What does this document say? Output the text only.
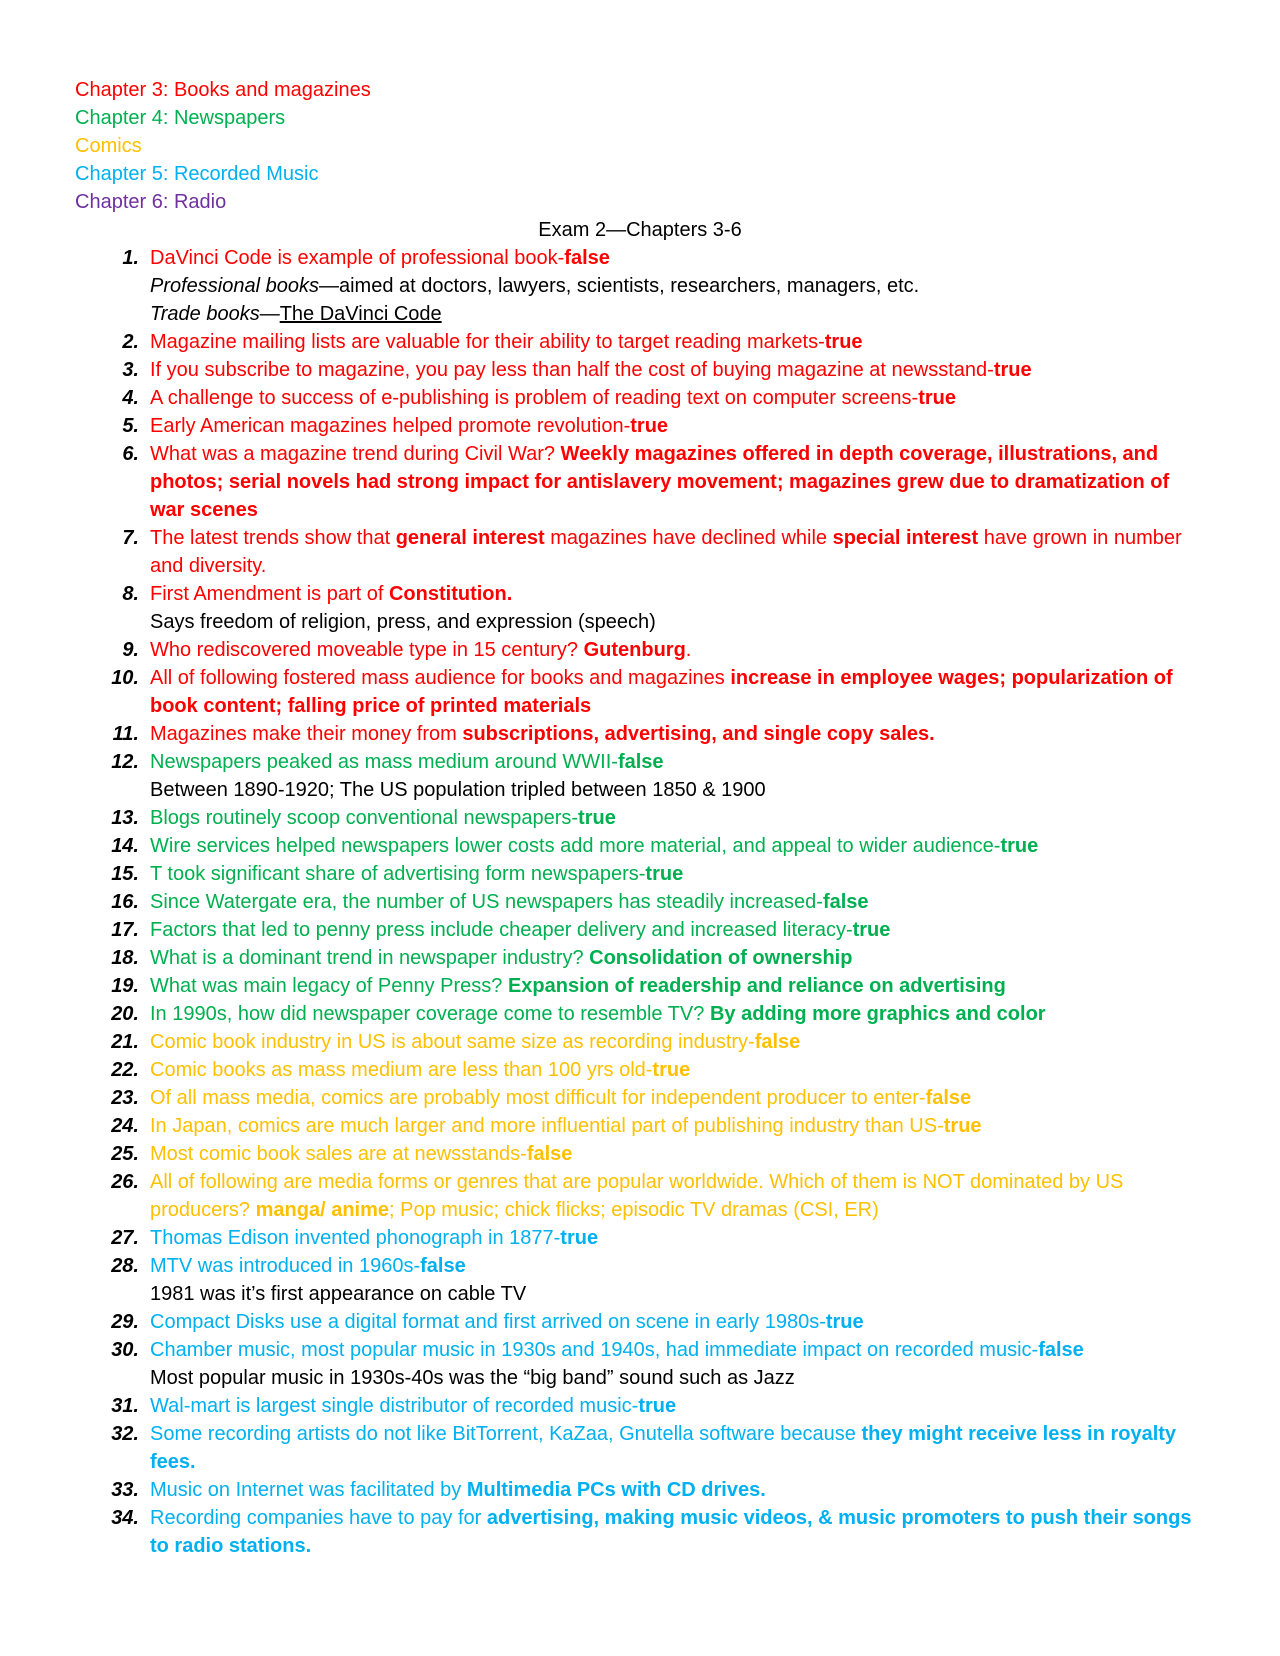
Chapter 3: Books and magazines
Chapter 4: Newspapers
Comics
Chapter 5: Recorded Music
Chapter 6: Radio
Exam 2—Chapters 3-6
1. DaVinci Code is example of professional book-false
Professional books—aimed at doctors, lawyers, scientists, researchers, managers, etc.
Trade books—The DaVinci Code
2. Magazine mailing lists are valuable for their ability to target reading markets-true
3. If you subscribe to magazine, you pay less than half the cost of buying magazine at newsstand-true
4. A challenge to success of e-publishing is problem of reading text on computer screens-true
5. Early American magazines helped promote revolution-true
6. What was a magazine trend during Civil War? Weekly magazines offered in depth coverage, illustrations, and photos; serial novels had strong impact for antislavery movement; magazines grew due to dramatization of war scenes
7. The latest trends show that general interest magazines have declined while special interest have grown in number and diversity.
8. First Amendment is part of Constitution.
Says freedom of religion, press, and expression (speech)
9. Who rediscovered moveable type in 15 century? Gutenburg.
10. All of following fostered mass audience for books and magazines increase in employee wages; popularization of book content; falling price of printed materials
11. Magazines make their money from subscriptions, advertising, and single copy sales.
12. Newspapers peaked as mass medium around WWII-false
Between 1890-1920; The US population tripled between 1850 & 1900
13. Blogs routinely scoop conventional newspapers-true
14. Wire services helped newspapers lower costs add more material, and appeal to wider audience-true
15. T took significant share of advertising form newspapers-true
16. Since Watergate era, the number of US newspapers has steadily increased-false
17. Factors that led to penny press include cheaper delivery and increased literacy-true
18. What is a dominant trend in newspaper industry? Consolidation of ownership
19. What was main legacy of Penny Press? Expansion of readership and reliance on advertising
20. In 1990s, how did newspaper coverage come to resemble TV? By adding more graphics and color
21. Comic book industry in US is about same size as recording industry-false
22. Comic books as mass medium are less than 100 yrs old-true
23. Of all mass media, comics are probably most difficult for independent producer to enter-false
24. In Japan, comics are much larger and more influential part of publishing industry than US-true
25. Most comic book sales are at newsstands-false
26. All of following are media forms or genres that are popular worldwide. Which of them is NOT dominated by US producers? manga/ anime; Pop music; chick flicks; episodic TV dramas (CSI, ER)
27. Thomas Edison invented phonograph in 1877-true
28. MTV was introduced in 1960s-false
1981 was it’s first appearance on cable TV
29. Compact Disks use a digital format and first arrived on scene in early 1980s-true
30. Chamber music, most popular music in 1930s and 1940s, had immediate impact on recorded music-false
Most popular music in 1930s-40s was the “big band” sound such as Jazz
31. Wal-mart is largest single distributor of recorded music-true
32. Some recording artists do not like BitTorrent, KaZaa, Gnutella software because they might receive less in royalty fees.
33. Music on Internet was facilitated by Multimedia PCs with CD drives.
34. Recording companies have to pay for advertising, making music videos, & music promoters to push their songs to radio stations.
